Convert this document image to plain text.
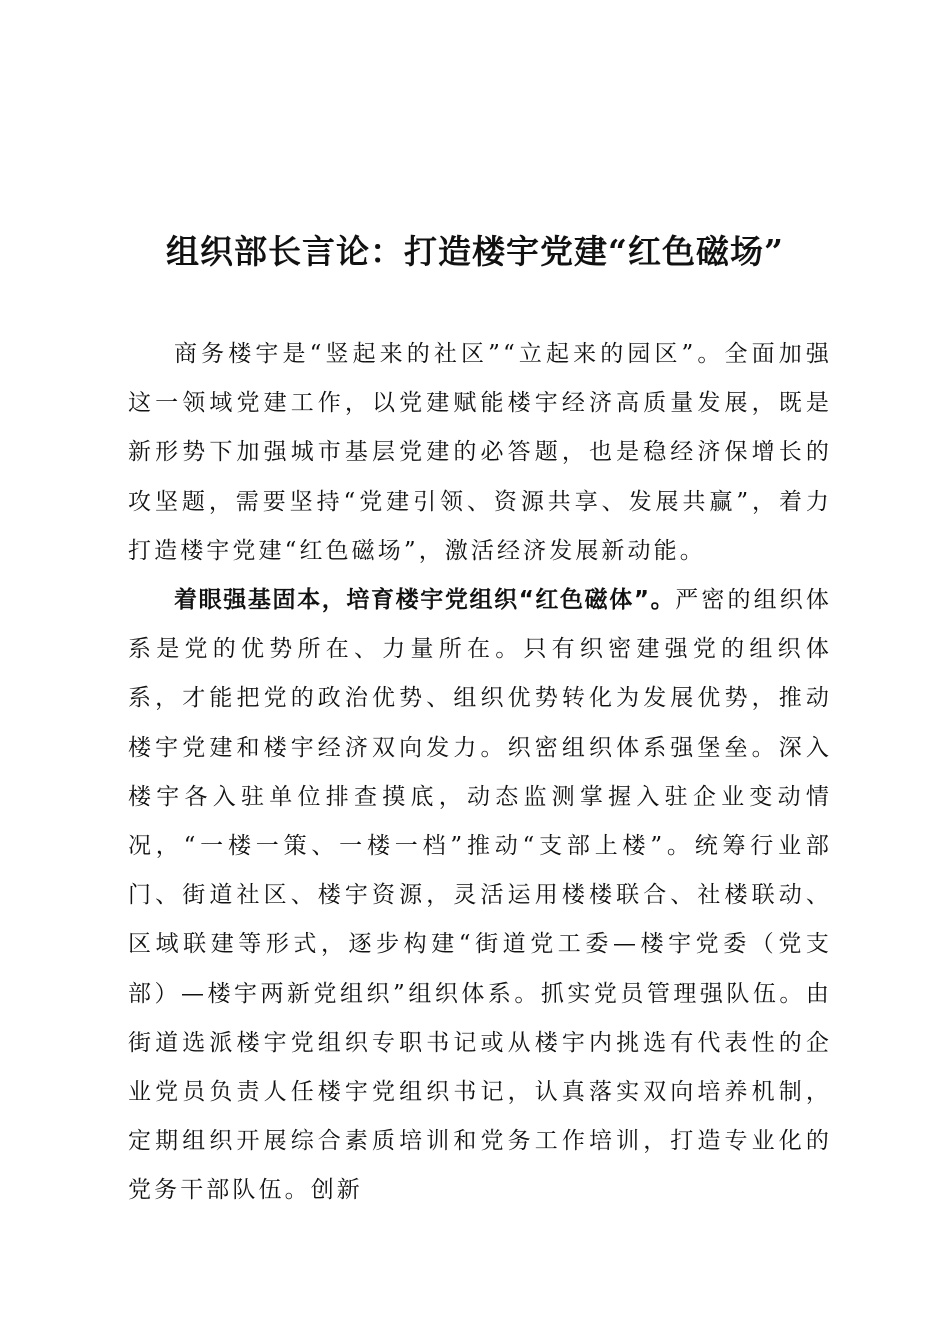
组织部长言论：打造楼宇党建“红色磁场”

商务楼宇是“竖起来的社区”“立起来的园区”。全面加强这一领域党建工作，以党建赋能楼宇经济高质量发展，既是新形势下加强城市基层党建的必答题，也是稳经济保增长的攻坚题，需要坚持“党建引领、资源共享、发展共赢”，着力打造楼宇党建“红色磁场”，激活经济发展新动能。

着眼强基固本，培育楼宇党组织“红色磁体”。严密的组织体系是党的优势所在、力量所在。只有织密建强党的组织体系，才能把党的政治优势、组织优势转化为发展优势，推动楼宇党建和楼宇经济双向发力。织密组织体系强堡垒。深入楼宇各入驻单位排查摸底，动态监测掌握入驻企业变动情况，“一楼一策、一楼一档”推动“支部上楼”。统筹行业部门、街道社区、楼宇资源，灵活运用楼楼联合、社楼联动、区域联建等形式，逐步构建“街道党工委—楼宇党委（党支部）—楼宇两新党组织”组织体系。抓实党员管理强队伍。由街道选派楼宇党组织专职书记或从楼宇内挑选有代表性的企业党员负责人任楼宇党组织书记，认真落实双向培养机制，定期组织开展综合素质培训和党务工作培训，打造专业化的党务干部队伍。创新
